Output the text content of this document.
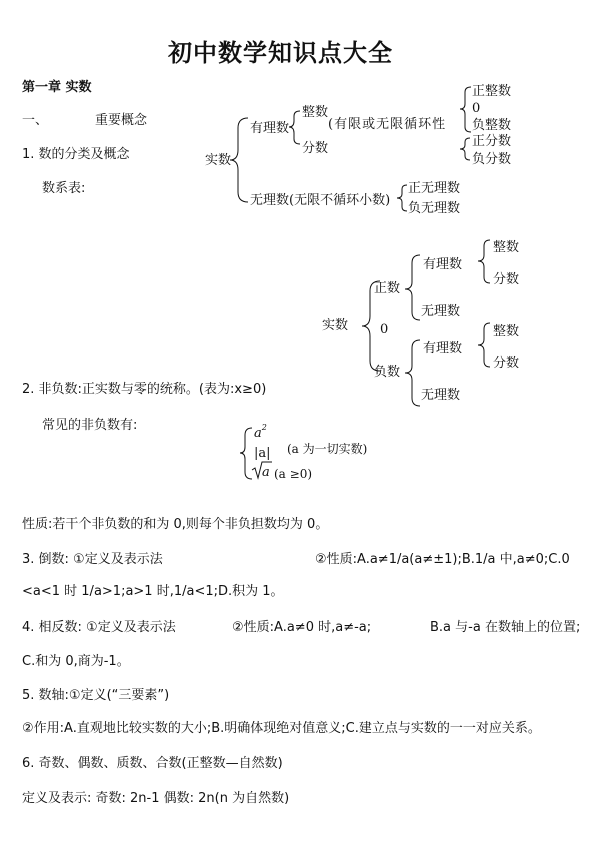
初中数学知识点大全
第一章 实数
一、	重要概念
1. 数的分类及概念
数系表:
实数
有理数
整数
(有限或无限循环性
正整数
0
负整数
分数	正分数
负分数
无理数(无限不循环小数)
正无理数
负无理数
实数
正数
0
负数
有理数
整数
分数
无理数
有理数
整数
分数
无理数
2. 非负数:正实数与零的统称。(表为:x≥0)
常见的非负数有:
$a^2$
|a| (a 为一切实数)
a (a ≥0)
性质:若干个非负数的和为 0,则每个非负担数均为 0。
3. 倒数: ①定义及表示法	②性质:A.a≠1/a(a≠±1);B.1/a 中,a≠0;C.0
<a<1 时 1/a>1;a>1 时,1/a<1;D.积为 1。
4. 相反数: ①定义及表示法	②性质:A.a≠0 时,a≠-a;	B.a 与-a 在数轴上的位置;
C.和为 0,商为-1。
5. 数轴:①定义(“三要素”)
②作用:A.直观地比较实数的大小;B.明确体现绝对值意义;C.建立点与实数的一一对应关系。
6. 奇数、偶数、质数、合数(正整数—自然数)
定义及表示: 奇数: 2n-1 偶数: 2n(n 为自然数)
